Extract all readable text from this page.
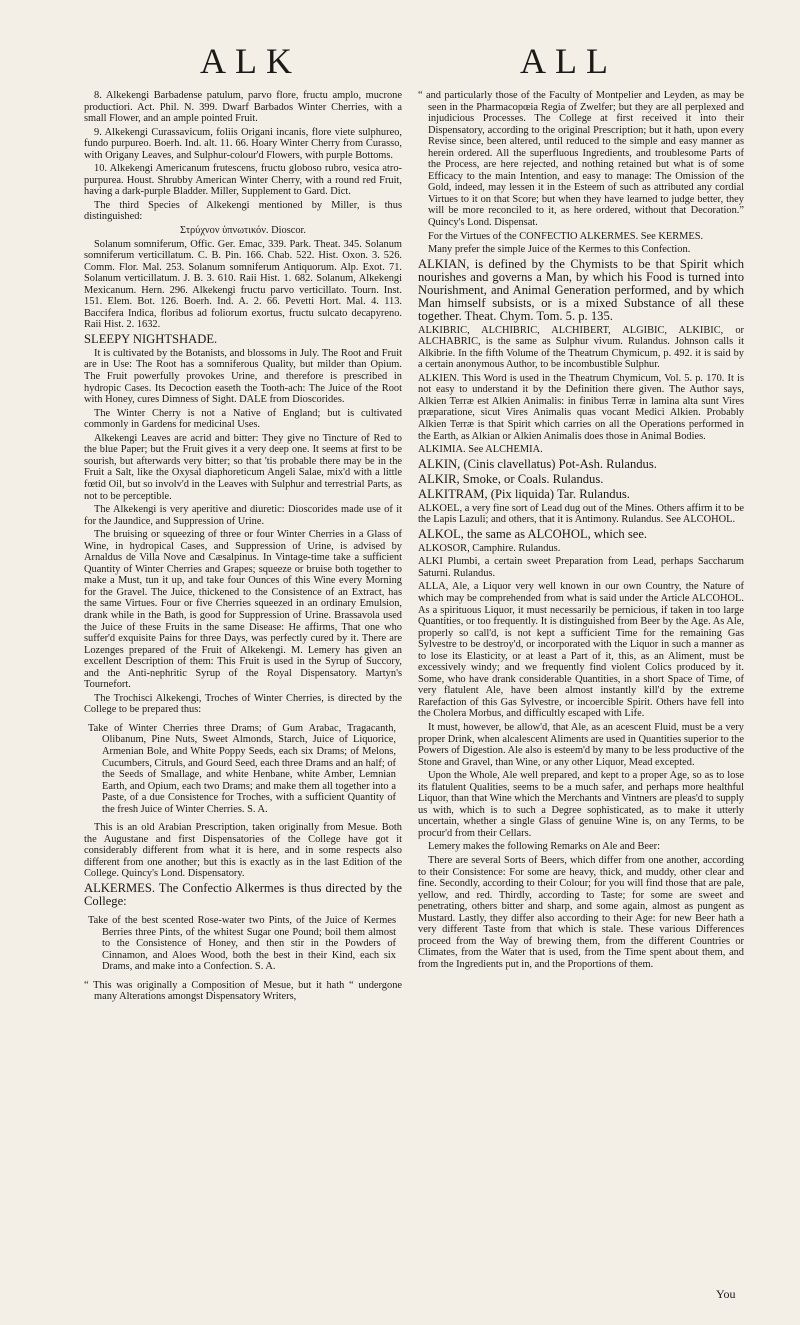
ALK	ALL

8. Alkekengi Barbadense patulum, parvo flore, fructu amplo, mucrone productiori. Act. Phil. N. 399. Dwarf Barbados Winter Cherries, with a small Flower, and an ample pointed Fruit.

9. Alkekengi Curassavicum, foliis Origani incanis, flore viete sulphureo, fundo purpureo. Boerh. Ind. alt. 11. 66. Hoary Winter Cherry from Curasso, with Origany Leaves, and Sulphur-colour'd Flowers, with purple Bottoms.

10. Alkekengi Americanum frutescens, fructu globoso rubro, vesica atro-purpurea. Houst. Shrubby American Winter Cherry, with a round red Fruit, having a dark-purple Bladder. Miller, Supplement to Gard. Dict.

The third Species of Alkekengi mentioned by Miller, is thus distinguished:

Στρύχνον ὑπνωτικόν. Dioscor.

Solanum somniferum, Offic. Ger. Emac, 339. Park. Theat. 345. Solanum somniferum verticillatum. C. B. Pin. 166. Chab. 522. Hist. Oxon. 3. 526. Comm. Flor. Mal. 253. Solanum somniferum Antiquorum. Alp. Exot. 71. Solanum verticillatum. J. B. 3. 610. Raii Hist. 1. 682. Solanum, Alkekengi Mexicanum. Hern. 296. Alkekengi fructu parvo verticillato. Tourn. Inst. 151. Elem. Bot. 126. Boerh. Ind. A. 2. 66. Pevetti Hort. Mal. 4. 113. Baccifera Indica, floribus ad foliorum exortus, fructu sulcato decapyreno. Raii Hist. 2. 1632.

SLEEPY NIGHTSHADE.

It is cultivated by the Botanists, and blossoms in July. The Root and Fruit are in Use: The Root has a somniferous Quality, but milder than Opium. The Fruit powerfully provokes Urine, and therefore is prescribed in hydropic Cases. Its Decoction easeth the Tooth-ach: The Juice of the Root with Honey, cures Dimness of Sight. DALE from Dioscorides.

The Winter Cherry is not a Native of England; but is cultivated commonly in Gardens for medicinal Uses.

Alkekengi Leaves are acrid and bitter: They give no Tincture of Red to the blue Paper; but the Fruit gives it a very deep one. It seems at first to be sourish, but afterwards very bitter; so that 'tis probable there may be in the Fruit a Salt, like the Oxysal diaphoreticum Angeli Salae, mix'd with a little fœtid Oil, but so involv'd in the Leaves with Sulphur and terrestrial Parts, as not to be perceptible.

The Alkekengi is very aperitive and diuretic: Dioscorides made use of it for the Jaundice, and Suppression of Urine.

The bruising or squeezing of three or four Winter Cherries in a Glass of Wine, in hydropical Cases, and Suppression of Urine, is advised by Arnaldus de Villa Nove and Cæsalpinus. In Vintage-time take a sufficient Quantity of Winter Cherries and Grapes; squeeze or bruise both together to make a Must, tun it up, and take four Ounces of this Wine every Morning for the Gravel. The Juice, thickened to the Consistence of an Extract, has the same Virtues. Four or five Cherries squeezed in an ordinary Emulsion, drank while in the Bath, is good for Suppression of Urine. Brassavola used the Juice of these Fruits in the same Disease: He affirms, That one who suffer'd exquisite Pains for three Days, was perfectly cured by it. There are Lozenges prepared of the Fruit of Alkekengi. M. Lemery has given an excellent Description of them: This Fruit is used in the Syrup of Succory, and the Anti-nephritic Syrup of the Royal Dispensatory. Martyn's Tournefort.

The Trochisci Alkekengi, Troches of Winter Cherries, is directed by the College to be prepared thus:

Take of Winter Cherries three Drams; of Gum Arabac, Tragacanth, Olibanum, Pine Nuts, Sweet Almonds, Starch, Juice of Liquorice, Armenian Bole, and White Poppy Seeds, each six Drams; of Melons, Cucumbers, Citruls, and Gourd Seed, each three Drams and an half; of the Seeds of Smallage, and white Henbane, white Amber, Lemnian Earth, and Opium, each two Drams; and make them all together into a Paste, of a due Consistence for Troches, with a sufficient Quantity of the fresh Juice of Winter Cherries. S. A.

This is an old Arabian Prescription, taken originally from Mesue. Both the Augustane and first Dispensatories of the College have got it considerably different from what it is here, and in some respects also different from one another; but this is exactly as in the last Edition of the College. Quincy's Lond. Dispensatory.

ALKERMES. The Confectio Alkermes is thus directed by the College:

Take of the best scented Rose-water two Pints, of the Juice of Kermes Berries three Pints, of the whitest Sugar one Pound; boil them almost to the Consistence of Honey, and then stir in the Powders of Cinnamon, and Aloes Wood, both the best in their Kind, each six Drams, and make into a Confection. S. A.

“ This was originally a Composition of Mesue, but it hath “ undergone many Alterations amongst Dispensatory Writers,

“ and particularly those of the Faculty of Montpelier and Leyden, as may be seen in the Pharmacopœia Regia of Zwelfer; but they are all perplexed and injudicious Processes. The College at first received it into their Dispensatory, according to the original Prescription; but it hath, upon every Revise since, been altered, until reduced to the simple and easy manner as herein ordered. All the superfluous Ingredients, and troublesome Parts of the Process, are here rejected, and nothing retained but what is of some Efficacy to the main Intention, and easy to manage: The Omission of the Gold, indeed, may lessen it in the Esteem of such as attributed any cordial Virtues to it on that Score; but when they have learned to judge better, they will be more reconciled to it, as here ordered, without that Decoration.” Quincy's Lond. Dispensat.

For the Virtues of the CONFECTIO ALKERMES. See KERMES.

Many prefer the simple Juice of the Kermes to this Confection.

ALKIAN, is defined by the Chymists to be that Spirit which nourishes and governs a Man, by which his Food is turned into Nourishment, and Animal Generation performed, and by which Man himself subsists, or is a mixed Substance of all these together. Theat. Chym. Tom. 5. p. 135.

ALKIBRIC, ALCHIBRIC, ALCHIBERT, ALGIBIC, ALKIBIC, or ALCHABRIC, is the same as Sulphur vivum. Rulandus. Johnson calls it Alkibrie. In the fifth Volume of the Theatrum Chymicum, p. 492. it is said by a certain anonymous Author, to be incombustible Sulphur.

ALKIEN. This Word is used in the Theatrum Chymicum, Vol. 5. p. 170. It is not easy to understand it by the Definition there given. The Author says, Alkien Terræ est Alkien Animalis: in finibus Terræ in lamina alta sunt Vires præparatione, sicut Vires Animalis quas vocant Medici Alkien. Probably Alkien Terræ is that Spirit which carries on all the Operations performed in the Earth, as Alkian or Alkien Animalis does those in Animal Bodies.

ALKIMIA. See ALCHEMIA.

ALKIN, (Cinis clavellatus) Pot-Ash. Rulandus.

ALKIR, Smoke, or Coals. Rulandus.

ALKITRAM, (Pix liquida) Tar. Rulandus.

ALKOEL, a very fine sort of Lead dug out of the Mines. Others affirm it to be the Lapis Lazuli; and others, that it is Antimony. Rulandus. See ALCOHOL.

ALKOL, the same as ALCOHOL, which see.

ALKOSOR, Camphire. Rulandus.

ALKI Plumbi, a certain sweet Preparation from Lead, perhaps Saccharum Saturni. Rulandus.

ALLA, Ale, a Liquor very well known in our own Country, the Nature of which may be comprehended from what is said under the Article ALCOHOL. As a spirituous Liquor, it must necessarily be pernicious, if taken in too large Quantities, or too frequently. It is distinguished from Beer by the Age. As Ale, properly so call'd, is not kept a sufficient Time for the remaining Gas Sylvestre to be destroy'd, or incorporated with the Liquor in such a manner as to lose its Elasticity, or at least a Part of it, this, as an Aliment, must be excessively windy; and we frequently find violent Colics produced by it. Some, who have drank considerable Quantities, in a short Space of Time, of very flatulent Ale, have been almost instantly kill'd by the extreme Rarefaction of this Gas Sylvestre, or incoercible Spirit. Others have fell into the Cholera Morbus, and difficultly escaped with Life.

It must, however, be allow'd, that Ale, as an acescent Fluid, must be a very proper Drink, when alcalescent Aliments are used in Quantities superior to the Powers of Digestion. Ale also is esteem'd by many to be less productive of the Stone and Gravel, than Wine, or any other Liquor, Mead excepted.

Upon the Whole, Ale well prepared, and kept to a proper Age, so as to lose its flatulent Qualities, seems to be a much safer, and perhaps more healthful Liquor, than that Wine which the Merchants and Vintners are pleas'd to supply us with, which is to such a Degree sophisticated, as to make it utterly uncertain, whether a single Glass of genuine Wine is, on any Terms, to be procur'd from their Cellars.

Lemery makes the following Remarks on Ale and Beer:

There are several Sorts of Beers, which differ from one another, according to their Consistence: For some are heavy, thick, and muddy, other clear and fine. Secondly, according to their Colour; for you will find those that are pale, yellow, and red. Thirdly, according to Taste; for some are sweet and penetrating, others bitter and sharp, and some again, almost as pungent as Mustard. Lastly, they differ also according to their Age: for new Beer hath a very different Taste from that which is stale. These various Differences proceed from the Way of brewing them, from the different Countries or Climates, from the Water that is used, from the Time spent about them, and from the Ingredients put in, and the Proportions of them.

You
